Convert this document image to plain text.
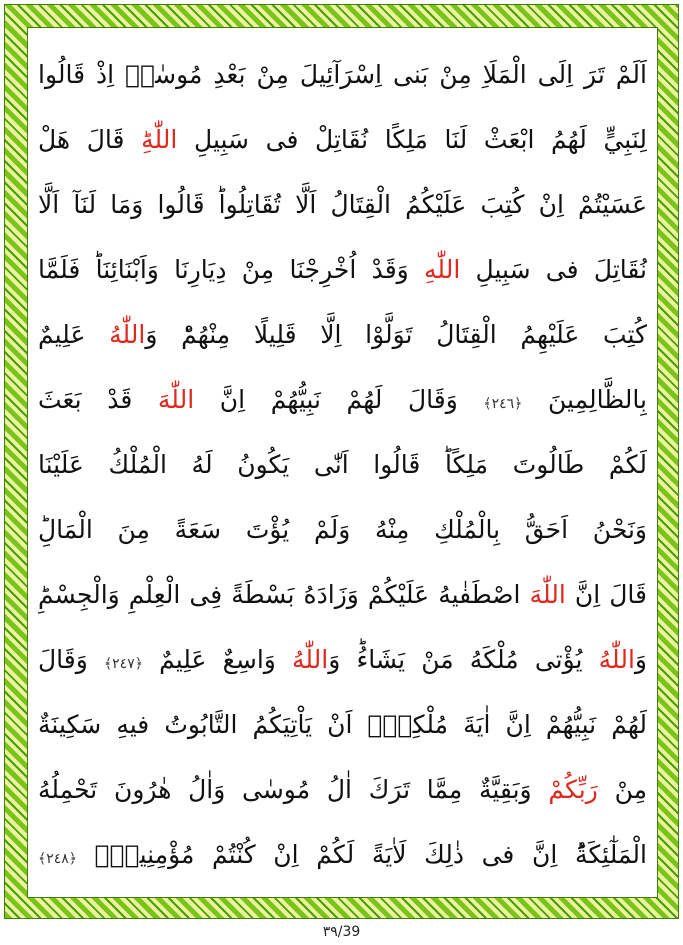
اَلَمْ تَرَ اِلَى الْمَلَاِ مِنْ بَنى اِسْرَآئِيلَ مِنْ بَعْدِ مُوسٰىۘ اِذْ قَالُوا
لِنَبِيٍّ لَهُمُ ابْعَثْ لَنَا مَلِكًا نُقَاتِلْ فى سَبِيلِ اللّٰهِؕ قَالَ هَلْ
عَسَيْتُمْ اِنْ كُتِبَ عَلَيْكُمُ الْقِتَالُ اَلَّا تُقَاتِلُواؕ قَالُوا وَمَا لَنَآ اَلَّا
نُقَاتِلَ فى سَبِيلِ اللّٰهِ وَقَدْ اُخْرِجْنَا مِنْ دِيَارِنَا وَاَبْنَائِنَاؕ فَلَمَّا
كُتِبَ عَلَيْهِمُ الْقِتَالُ تَوَلَّوْا اِلَّا قَلِيلًا مِنْهُمْؕ وَاللّٰهُ عَلِيمٌ
بِالظَّالِمِينَ ﴿٢٤٦﴾ وَقَالَ لَهُمْ نَبِيُّهُمْ اِنَّ اللّٰهَ قَدْ بَعَثَ
لَكُمْ طَالُوتَ مَلِكًاؕ قَالُوا اَنّٰى يَكُونُ لَهُ الْمُلْكُ عَلَيْنَا
وَنَحْنُ اَحَقُّ بِالْمُلْكِ مِنْهُ وَلَمْ يُؤْتَ سَعَةً مِنَ الْمَالِؕ
قَالَ اِنَّ اللّٰهَ اصْطَفٰيهُ عَلَيْكُمْ وَزَادَهُ بَسْطَةً فِى الْعِلْمِ وَالْجِسْمِؕ
وَاللّٰهُ يُؤْتى مُلْكَهُ مَنْ يَشَاءُؕ وَاللّٰهُ وَاسِعٌ عَلِيمٌ ﴿٢٤٧﴾ وَقَالَ
لَهُمْ نَبِيُّهُمْ اِنَّ اٰيَةَ مُلْكِهٖۤ اَنْ يَاْتِيَكُمُ التَّابُوتُ فيهِ سَكِينَةٌ
مِنْ رَبِّكُمْ وَبَقِيَّةٌ مِمَّا تَرَكَ اٰلُ مُوسٰى وَاٰلُ هٰرُونَ تَحْمِلُهُ
الْمَلٰٓئِكَةُؕ اِنَّ فى ذٰلِكَ لَاٰيَةً لَكُمْ اِنْ كُنْتُمْ مُؤْمِنِينَۧ ﴿٢٤٨﴾
٣٩/39
